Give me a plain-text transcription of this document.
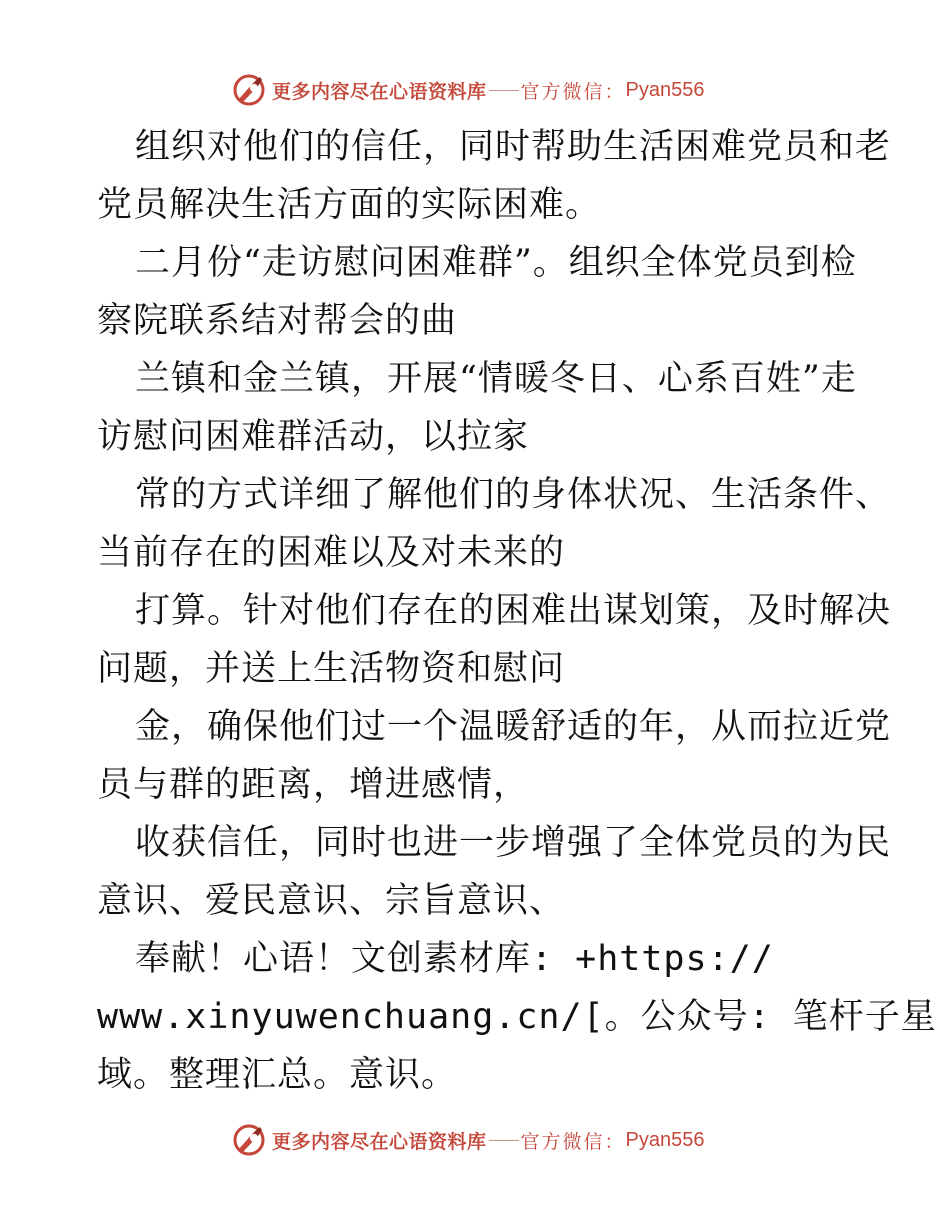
更多内容尽在心语资料库 官方微信： Pyan556
组织对他们的信任，同时帮助生活困难党员和老
党员解决生活方面的实际困难。
二月份“走访慰问困难群”。组织全体党员到检
察院联系结对帮会的曲
兰镇和金兰镇，开展“情暖冬日、心系百姓”走
访慰问困难群活动，以拉家
常的方式详细了解他们的身体状况、生活条件、
当前存在的困难以及对未来的
打算。针对他们存在的困难出谋划策，及时解决
问题，并送上生活物资和慰问
金，确保他们过一个温暖舒适的年，从而拉近党
员与群的距离，增进感情，
收获信任，同时也进一步增强了全体党员的为民
意识、爱民意识、宗旨意识、
奉献！心语！文创素材库: +https://
www.xinyuwenchuang.cn/[。公众号: 笔杆子星
域。整理汇总。意识。
更多内容尽在心语资料库 官方微信： Pyan556
